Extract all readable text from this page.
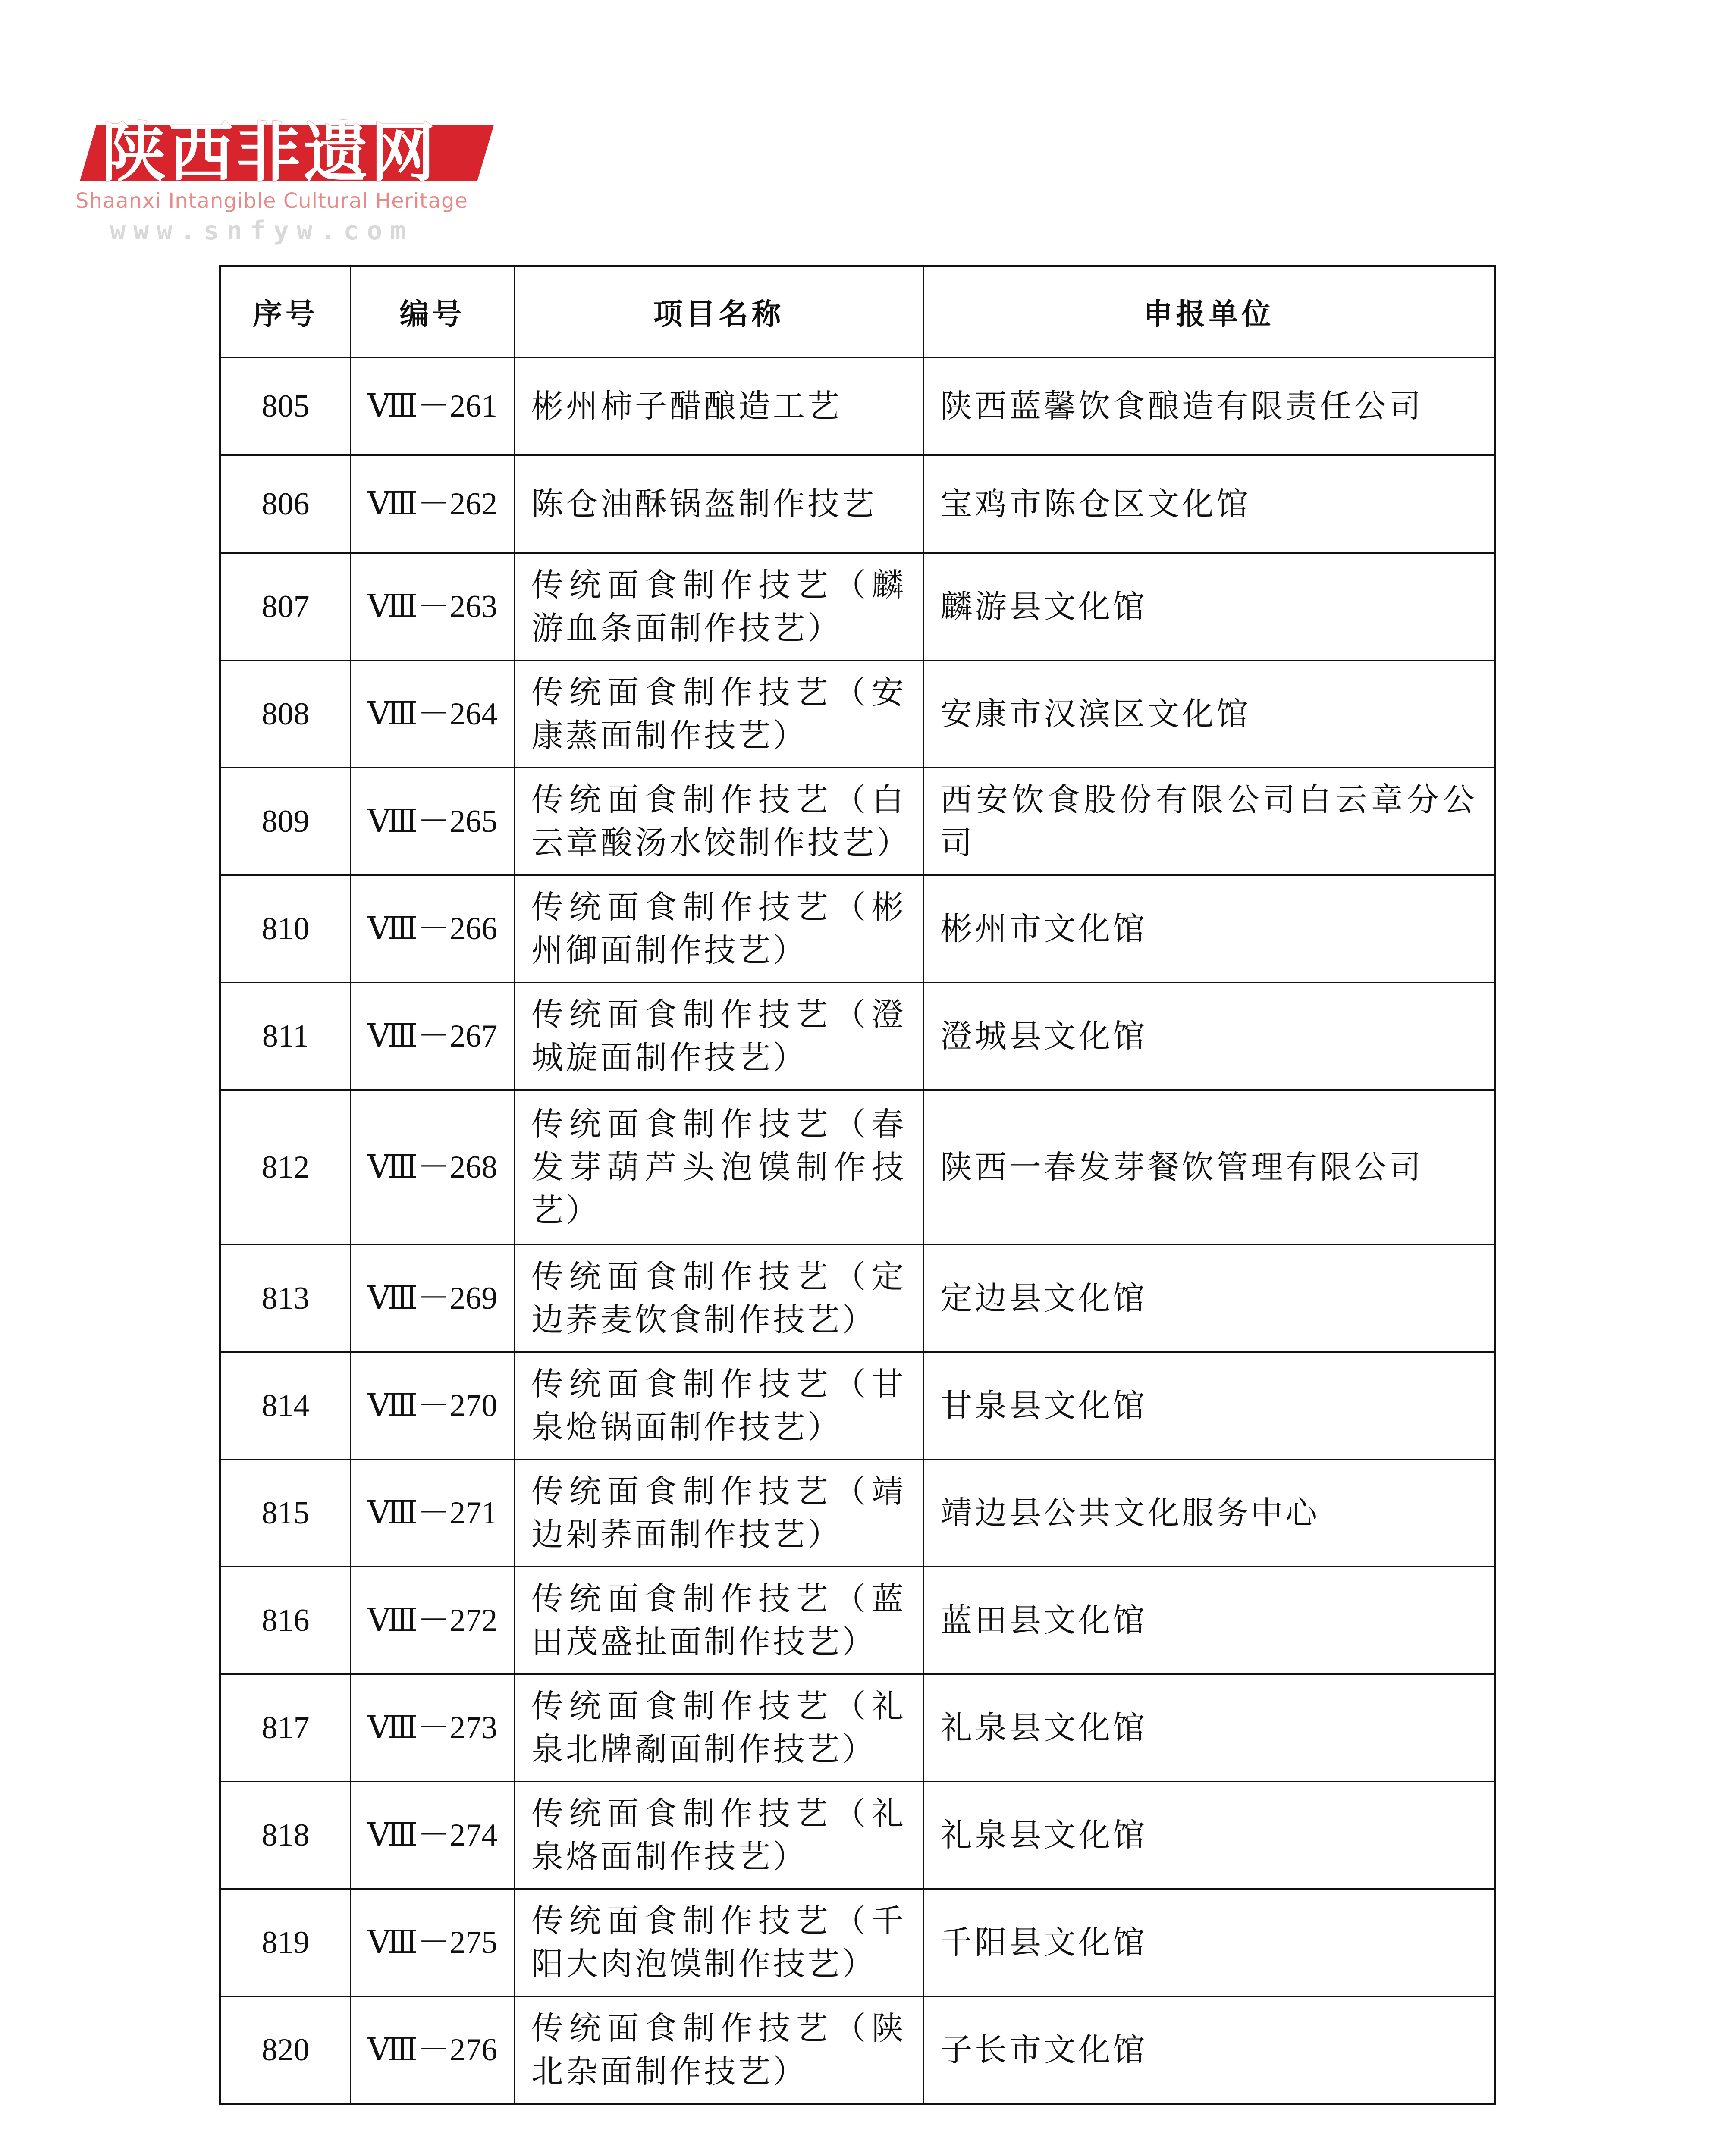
陕西非遗网
Shaanxi Intangible Cultural Heritage
www.snfyw.com
序号	编号	项目名称	申报单位
805	Ⅷ－261	彬州柿子醋酿造工艺	陕西蓝馨饮食酿造有限责任公司
806	Ⅷ－262	陈仓油酥锅盔制作技艺	宝鸡市陈仓区文化馆
807	Ⅷ－263	传统面食制作技艺（麟游血条面制作技艺）	麟游县文化馆
808	Ⅷ－264	传统面食制作技艺（安康蒸面制作技艺）	安康市汉滨区文化馆
809	Ⅷ－265	传统面食制作技艺（白云章酸汤水饺制作技艺）	西安饮食股份有限公司白云章分公司
810	Ⅷ－266	传统面食制作技艺（彬州御面制作技艺）	彬州市文化馆
811	Ⅷ－267	传统面食制作技艺（澄城旋面制作技艺）	澄城县文化馆
812	Ⅷ－268	传统面食制作技艺（春发芽葫芦头泡馍制作技艺）	陕西一春发芽餐饮管理有限公司
813	Ⅷ－269	传统面食制作技艺（定边荞麦饮食制作技艺）	定边县文化馆
814	Ⅷ－270	传统面食制作技艺（甘泉炝锅面制作技艺）	甘泉县文化馆
815	Ⅷ－271	传统面食制作技艺（靖边剁荞面制作技艺）	靖边县公共文化服务中心
816	Ⅷ－272	传统面食制作技艺（蓝田茂盛扯面制作技艺）	蓝田县文化馆
817	Ⅷ－273	传统面食制作技艺（礼泉北牌劀面制作技艺）	礼泉县文化馆
818	Ⅷ－274	传统面食制作技艺（礼泉烙面制作技艺）	礼泉县文化馆
819	Ⅷ－275	传统面食制作技艺（千阳大肉泡馍制作技艺）	千阳县文化馆
820	Ⅷ－276	传统面食制作技艺（陕北杂面制作技艺）	子长市文化馆
